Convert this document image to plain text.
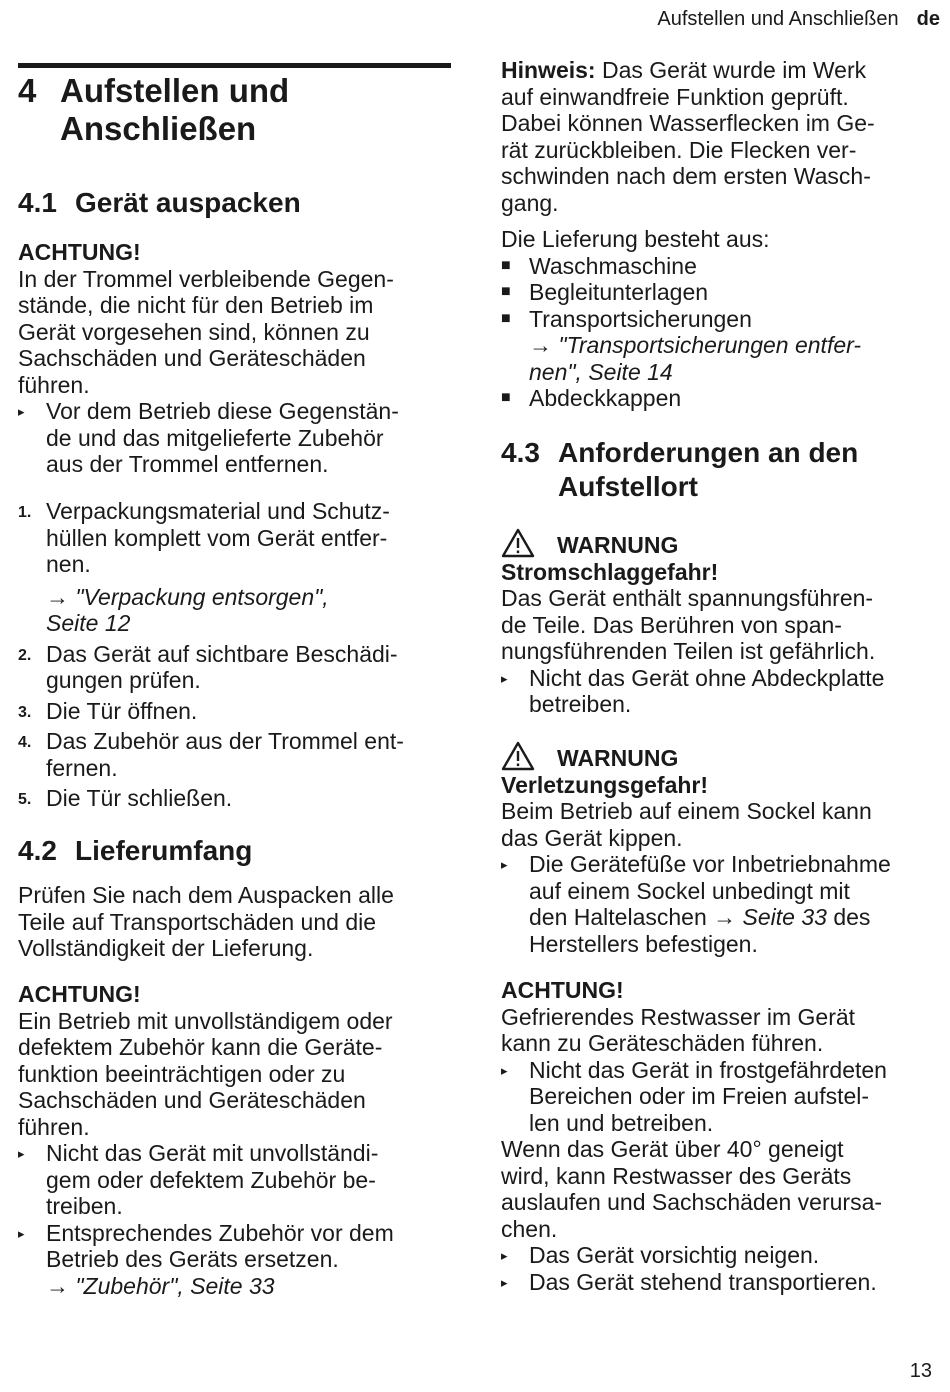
Aufstellen und Anschließen de
4 Aufstellen und
Anschließen
4.1 Gerät auspacken
ACHTUNG!
In der Trommel verbleibende Gegen-
stände, die nicht für den Betrieb im
Gerät vorgesehen sind, können zu
Sachschäden und Geräteschäden
führen.
▸ Vor dem Betrieb diese Gegenstän-
de und das mitgelieferte Zubehör
aus der Trommel entfernen.
1. Verpackungsmaterial und Schutz-
hüllen komplett vom Gerät entfer-
nen.
→ "Verpackung entsorgen",
Seite 12
2. Das Gerät auf sichtbare Beschädi-
gungen prüfen.
3. Die Tür öffnen.
4. Das Zubehör aus der Trommel ent-
fernen.
5. Die Tür schließen.
4.2 Lieferumfang
Prüfen Sie nach dem Auspacken alle
Teile auf Transportschäden und die
Vollständigkeit der Lieferung.
ACHTUNG!
Ein Betrieb mit unvollständigem oder
defektem Zubehör kann die Geräte-
funktion beeinträchtigen oder zu
Sachschäden und Geräteschäden
führen.
▸ Nicht das Gerät mit unvollständi-
gem oder defektem Zubehör be-
treiben.
▸ Entsprechendes Zubehör vor dem
Betrieb des Geräts ersetzen.
→ "Zubehör", Seite 33
Hinweis: Das Gerät wurde im Werk
auf einwandfreie Funktion geprüft.
Dabei können Wasserflecken im Ge-
rät zurückbleiben. Die Flecken ver-
schwinden nach dem ersten Wasch-
gang.
Die Lieferung besteht aus:
■ Waschmaschine
■ Begleitunterlagen
■ Transportsicherungen
→ "Transportsicherungen entfer-
nen", Seite 14
■ Abdeckkappen
4.3 Anforderungen an den
Aufstellort
WARNUNG
Stromschlaggefahr!
Das Gerät enthält spannungsführen-
de Teile. Das Berühren von span-
nungsführenden Teilen ist gefährlich.
▸ Nicht das Gerät ohne Abdeckplatte
betreiben.
WARNUNG
Verletzungsgefahr!
Beim Betrieb auf einem Sockel kann
das Gerät kippen.
▸ Die Gerätefüße vor Inbetriebnahme
auf einem Sockel unbedingt mit
den Haltelaschen → Seite 33 des
Herstellers befestigen.
ACHTUNG!
Gefrierendes Restwasser im Gerät
kann zu Geräteschäden führen.
▸ Nicht das Gerät in frostgefährdeten
Bereichen oder im Freien aufstel-
len und betreiben.
Wenn das Gerät über 40° geneigt
wird, kann Restwasser des Geräts
auslaufen und Sachschäden verursa-
chen.
▸ Das Gerät vorsichtig neigen.
▸ Das Gerät stehend transportieren.
13
